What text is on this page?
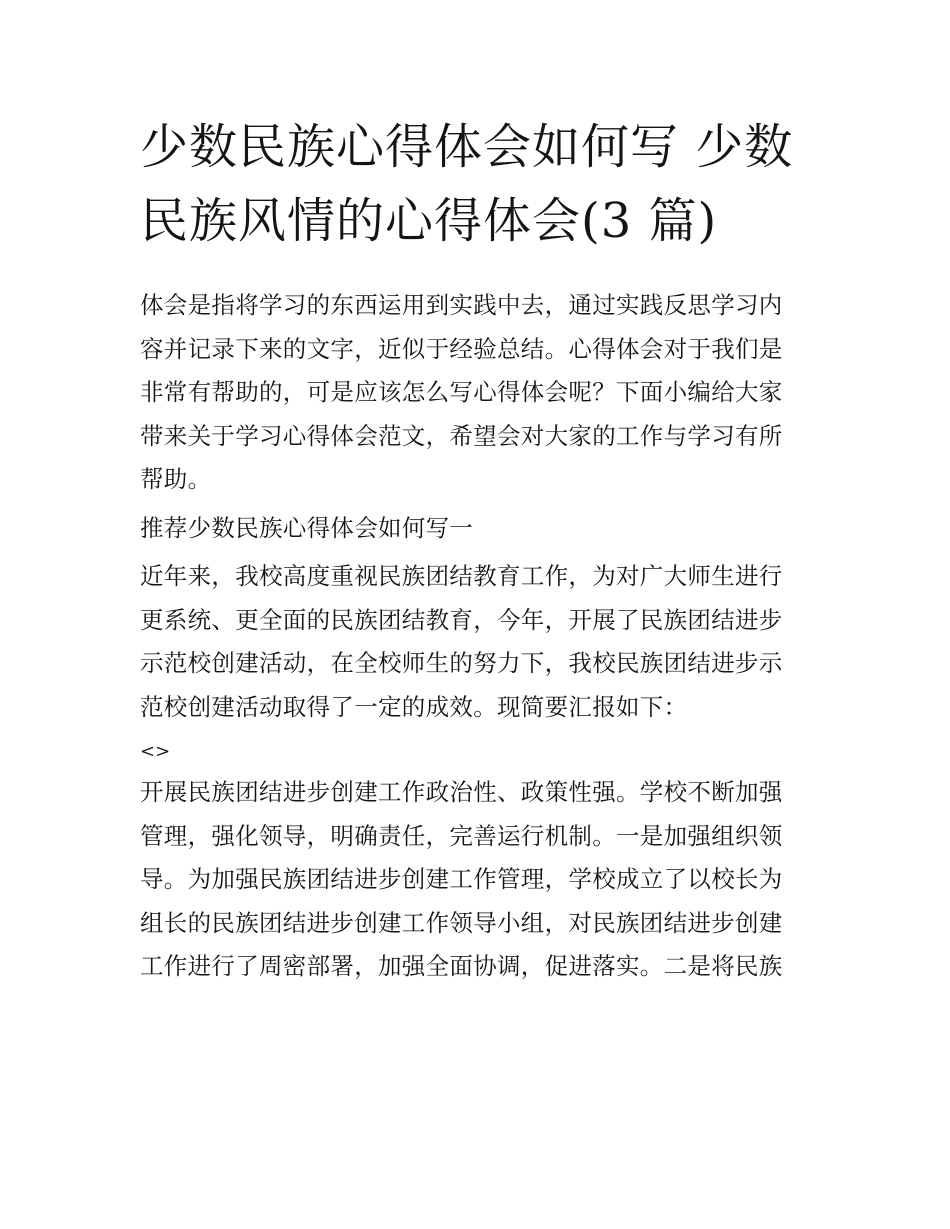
少数民族心得体会如何写 少数
民族风情的心得体会(3 篇)

体会是指将学习的东西运用到实践中去，通过实践反思学习内
容并记录下来的文字，近似于经验总结。心得体会对于我们是
非常有帮助的，可是应该怎么写心得体会呢？下面小编给大家
带来关于学习心得体会范文，希望会对大家的工作与学习有所
帮助。

推荐少数民族心得体会如何写一

近年来，我校高度重视民族团结教育工作，为对广大师生进行
更系统、更全面的民族团结教育，今年，开展了民族团结进步
示范校创建活动，在全校师生的努力下，我校民族团结进步示
范校创建活动取得了一定的成效。现简要汇报如下：

<>

开展民族团结进步创建工作政治性、政策性强。学校不断加强
管理，强化领导，明确责任，完善运行机制。一是加强组织领
导。为加强民族团结进步创建工作管理，学校成立了以校长为
组长的民族团结进步创建工作领导小组，对民族团结进步创建
工作进行了周密部署，加强全面协调，促进落实。二是将民族
